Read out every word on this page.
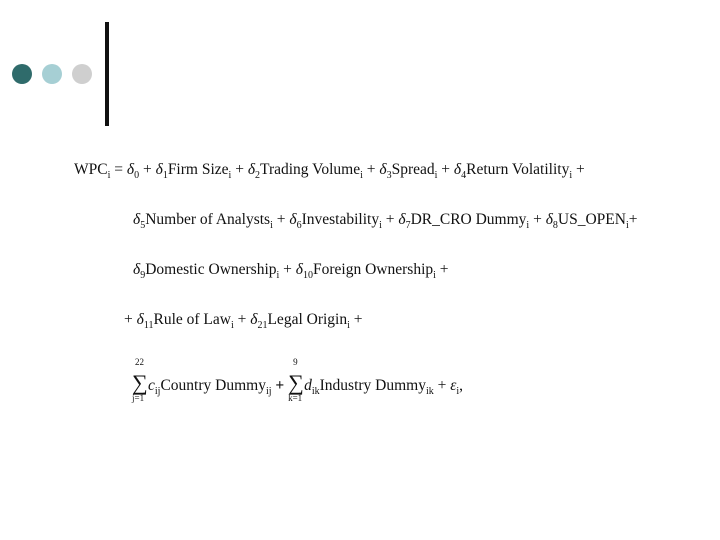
$WPC_i = \delta_0$ + $\delta_1Firm$ Size$_i$ + $\delta_2Trading$ Volume$_i$ + $\delta_3Spread_i$ + $\delta_4Return$ Volatility$_i$ +
$\delta_5Number$ of Analysts$_i$ + $\delta_6Investability_i$ + $\delta_7DR\_CRO$ Dummy$_i$ + $\delta_8US\_OPEN_i+$
$\delta_9Domestic$ Ownership$_i$ + $\delta_{10}Foreign$ Ownership$_i$ +
+ $\delta_{11}Rule$ of $Law_i + \delta_{21}Legal$ Origin$_i$ +
22
∑
j=1
$c_{ij}Country$ Dummy$_{ij}$ +
9
∑
k=1
$d_{ik}Industry$ Dummy$_{ik}$ + $\varepsilon_i$,
